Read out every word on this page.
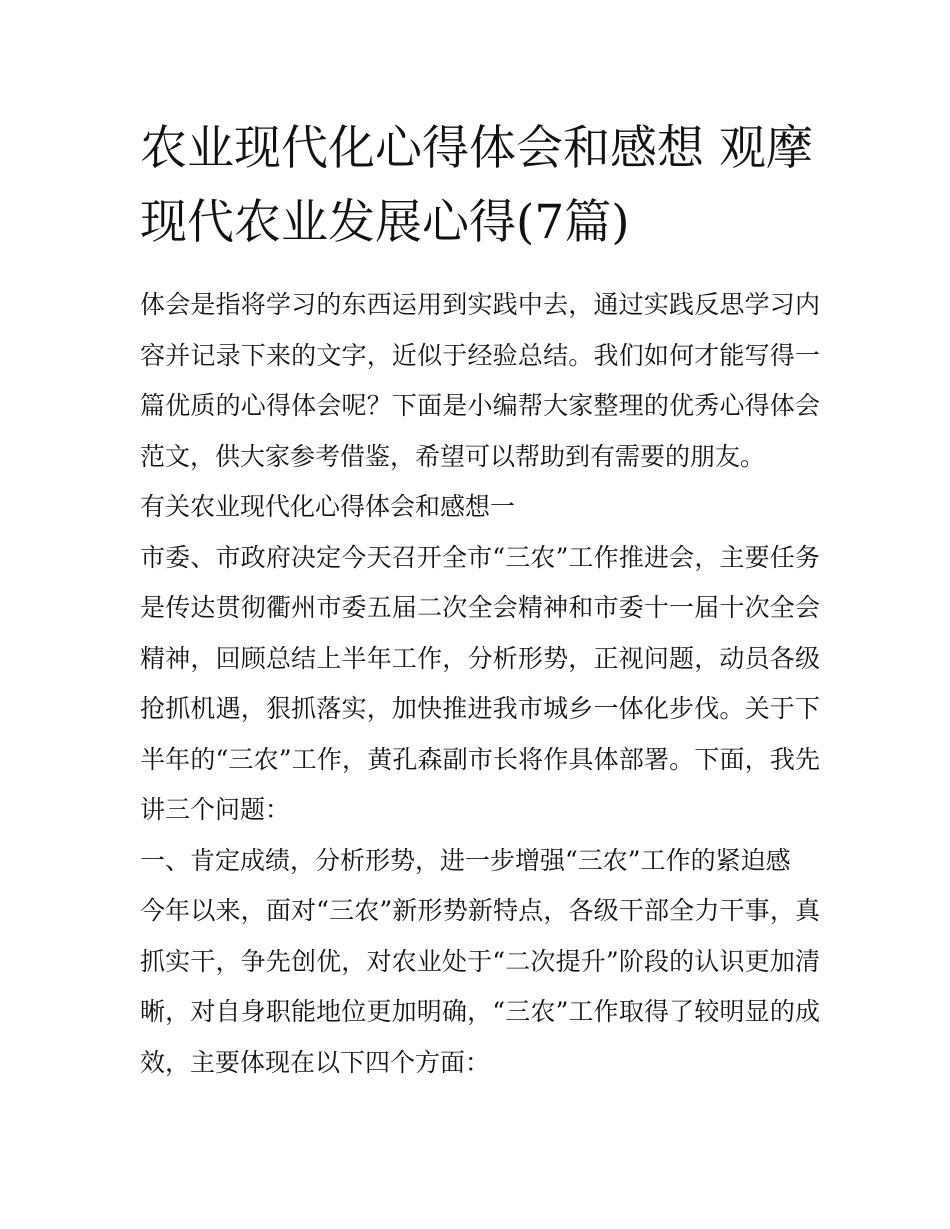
农业现代化心得体会和感想 观摩现代农业发展心得(7篇)

体会是指将学习的东西运用到实践中去，通过实践反思学习内容并记录下来的文字，近似于经验总结。我们如何才能写得一篇优质的心得体会呢？下面是小编帮大家整理的优秀心得体会范文，供大家参考借鉴，希望可以帮助到有需要的朋友。

有关农业现代化心得体会和感想一

市委、市政府决定今天召开全市“三农”工作推进会，主要任务是传达贯彻衢州市委五届二次全会精神和市委十一届十次全会精神，回顾总结上半年工作，分析形势，正视问题，动员各级抢抓机遇，狠抓落实，加快推进我市城乡一体化步伐。关于下半年的“三农”工作，黄孔森副市长将作具体部署。下面，我先讲三个问题：

一、肯定成绩，分析形势，进一步增强“三农”工作的紧迫感

今年以来，面对“三农”新形势新特点，各级干部全力干事，真抓实干，争先创优，对农业处于“二次提升”阶段的认识更加清晰，对自身职能地位更加明确，“三农”工作取得了较明显的成效，主要体现在以下四个方面：
